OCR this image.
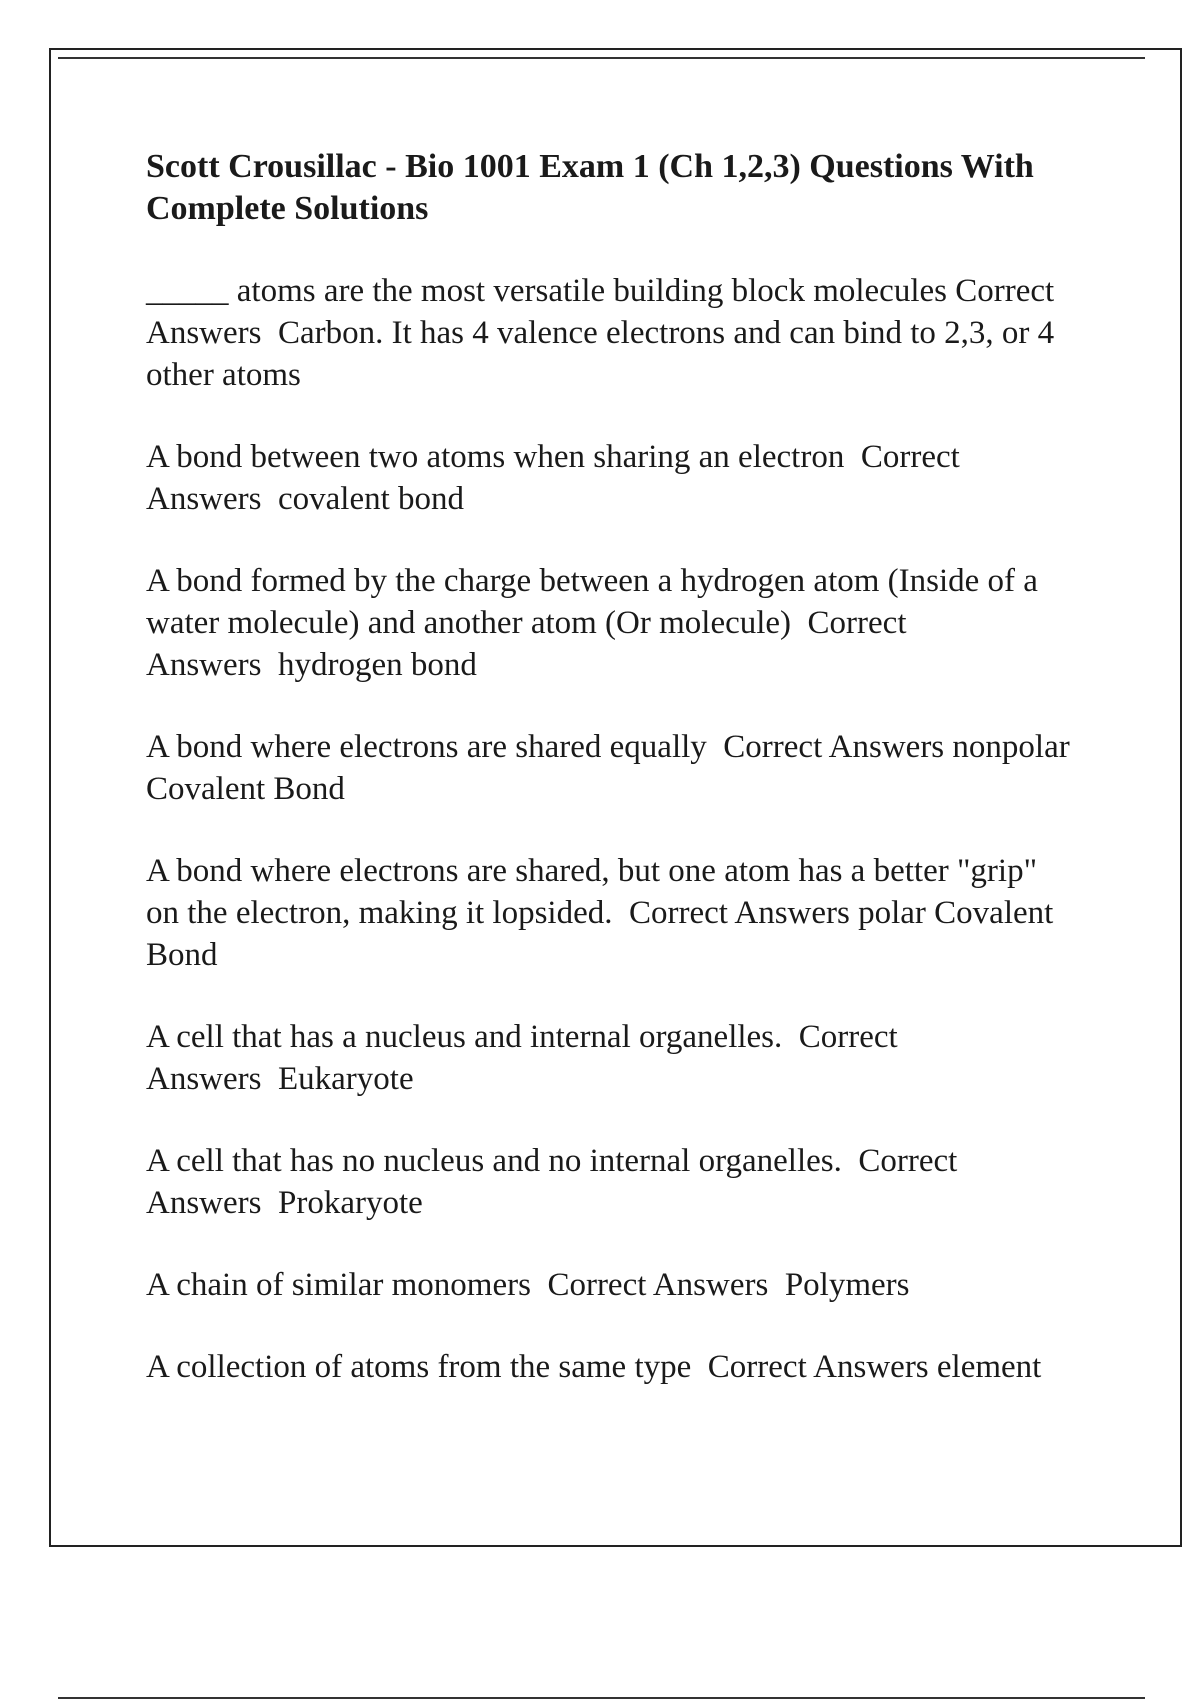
Scott Crousillac - Bio 1001 Exam 1 (Ch 1,2,3) Questions With Complete Solutions
_____ atoms are the most versatile building block molecules Correct Answers Carbon. It has 4 valence electrons and can bind to 2,3, or 4 other atoms
A bond between two atoms when sharing an electron Correct Answers covalent bond
A bond formed by the charge between a hydrogen atom (Inside of a water molecule) and another atom (Or molecule) Correct Answers hydrogen bond
A bond where electrons are shared equally Correct Answers nonpolar Covalent Bond
A bond where electrons are shared, but one atom has a better "grip" on the electron, making it lopsided. Correct Answers polar Covalent Bond
A cell that has a nucleus and internal organelles. Correct Answers Eukaryote
A cell that has no nucleus and no internal organelles. Correct Answers Prokaryote
A chain of similar monomers Correct Answers Polymers
A collection of atoms from the same type Correct Answers element
